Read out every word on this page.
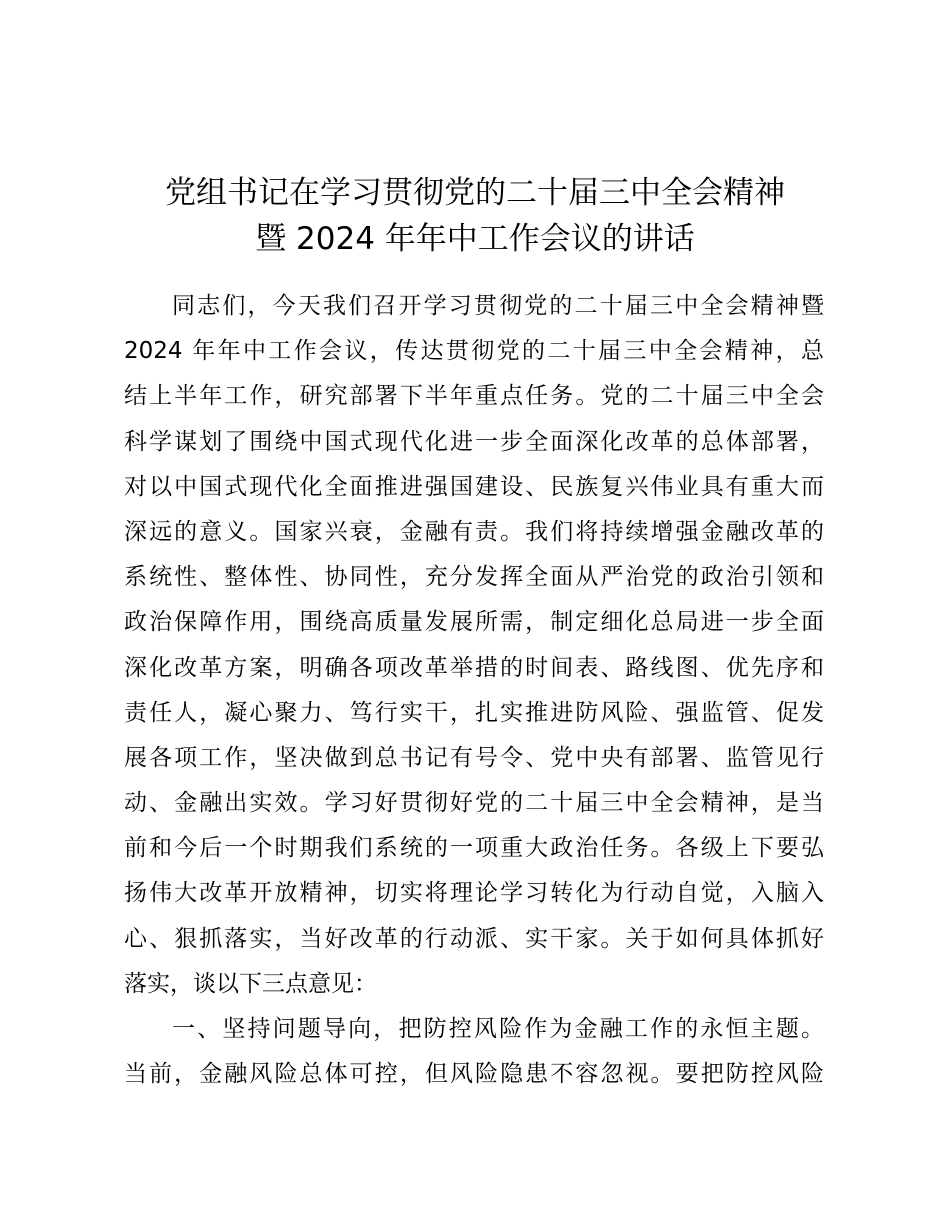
党组书记在学习贯彻党的二十届三中全会精神
暨 2024 年年中工作会议的讲话
同志们，今天我们召开学习贯彻党的二十届三中全会精神暨
2024 年年中工作会议，传达贯彻党的二十届三中全会精神，总
结上半年工作，研究部署下半年重点任务。党的二十届三中全会
科学谋划了围绕中国式现代化进一步全面深化改革的总体部署，
对以中国式现代化全面推进强国建设、民族复兴伟业具有重大而
深远的意义。国家兴衰，金融有责。我们将持续增强金融改革的
系统性、整体性、协同性，充分发挥全面从严治党的政治引领和
政治保障作用，围绕高质量发展所需，制定细化总局进一步全面
深化改革方案，明确各项改革举措的时间表、路线图、优先序和
责任人，凝心聚力、笃行实干，扎实推进防风险、强监管、促发
展各项工作，坚决做到总书记有号令、党中央有部署、监管见行
动、金融出实效。学习好贯彻好党的二十届三中全会精神，是当
前和今后一个时期我们系统的一项重大政治任务。各级上下要弘
扬伟大改革开放精神，切实将理论学习转化为行动自觉，入脑入
心、狠抓落实，当好改革的行动派、实干家。关于如何具体抓好
落实，谈以下三点意见：
一、坚持问题导向，把防控风险作为金融工作的永恒主题。
当前，金融风险总体可控，但风险隐患不容忽视。要把防控风险
